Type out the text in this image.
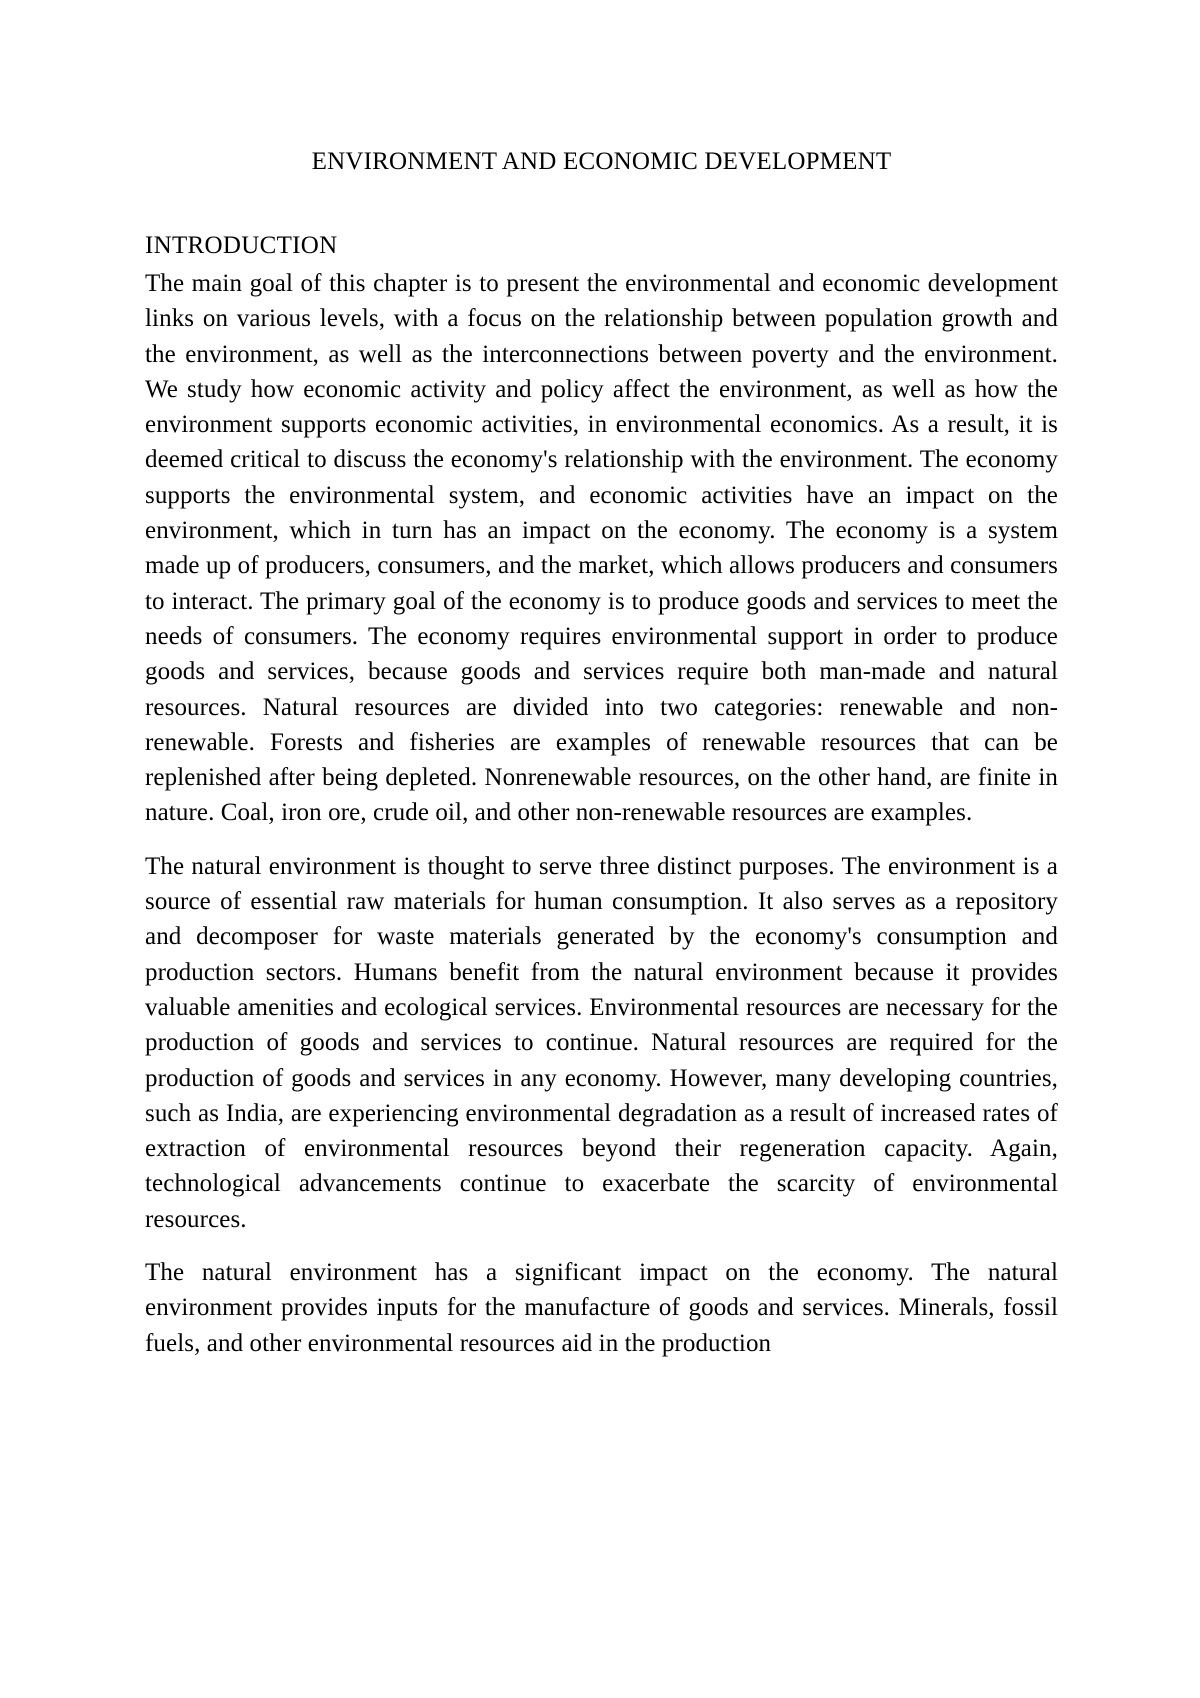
ENVIRONMENT AND ECONOMIC DEVELOPMENT
INTRODUCTION

The main goal of this chapter is to present the environmental and economic development links on various levels, with a focus on the relationship between population growth and the environment, as well as the interconnections between poverty and the environment. We study how economic activity and policy affect the environment, as well as how the environment supports economic activities, in environmental economics. As a result, it is deemed critical to discuss the economy's relationship with the environment. The economy supports the environmental system, and economic activities have an impact on the environment, which in turn has an impact on the economy. The economy is a system made up of producers, consumers, and the market, which allows producers and consumers to interact. The primary goal of the economy is to produce goods and services to meet the needs of consumers. The economy requires environmental support in order to produce goods and services, because goods and services require both man-made and natural resources. Natural resources are divided into two categories: renewable and non-renewable. Forests and fisheries are examples of renewable resources that can be replenished after being depleted. Nonrenewable resources, on the other hand, are finite in nature. Coal, iron ore, crude oil, and other non-renewable resources are examples.

The natural environment is thought to serve three distinct purposes. The environment is a source of essential raw materials for human consumption. It also serves as a repository and decomposer for waste materials generated by the economy's consumption and production sectors. Humans benefit from the natural environment because it provides valuable amenities and ecological services. Environmental resources are necessary for the production of goods and services to continue. Natural resources are required for the production of goods and services in any economy. However, many developing countries, such as India, are experiencing environmental degradation as a result of increased rates of extraction of environmental resources beyond their regeneration capacity. Again, technological advancements continue to exacerbate the scarcity of environmental resources.

The natural environment has a significant impact on the economy. The natural environment provides inputs for the manufacture of goods and services. Minerals, fossil fuels, and other environmental resources aid in the production
